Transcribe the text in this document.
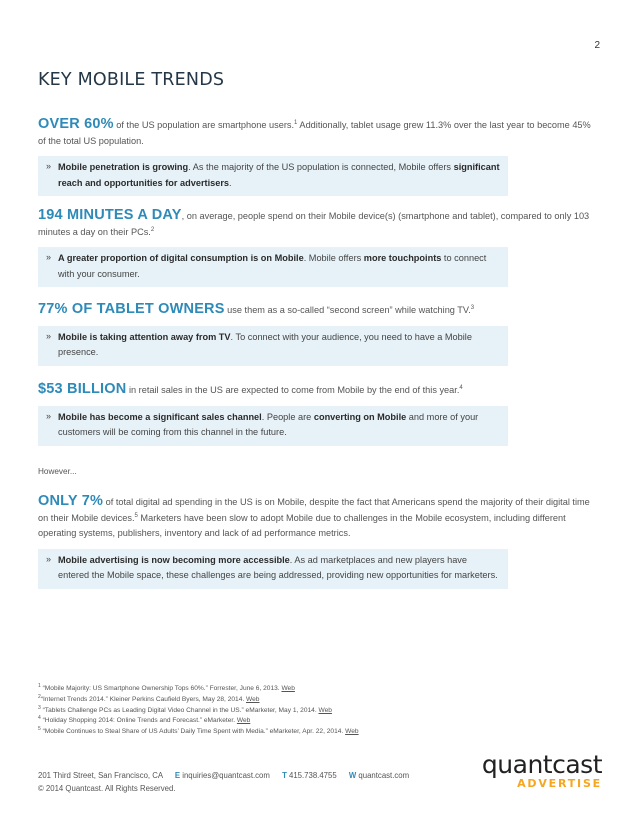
2
KEY MOBILE TRENDS

OVER 60% of the US population are smartphone users.$^1$ Additionally, tablet usage grew 11.3% over the last year to become 45% of the total US population.

» Mobile penetration is growing. As the majority of the US population is connected, Mobile offers significant reach and opportunities for advertisers.

194 MINUTES A DAY, on average, people spend on their Mobile device(s) (smartphone and tablet), compared to only 103 minutes a day on their PCs.$^2$

» A greater proportion of digital consumption is on Mobile. Mobile offers more touchpoints to connect with your consumer.

77% OF TABLET OWNERS use them as a so-called “second screen” while watching TV.$^3$

» Mobile is taking attention away from TV. To connect with your audience, you need to have a Mobile presence.

$53 BILLION in retail sales in the US are expected to come from Mobile by the end of this year.$^4$

» Mobile has become a significant sales channel. People are converting on Mobile and more of your customers will be coming from this channel in the future.
However...

ONLY 7% of total digital ad spending in the US is on Mobile, despite the fact that Americans spend the majority of their digital time on their Mobile devices.$^5$ Marketers have been slow to adopt Mobile due to challenges in the Mobile ecosystem, including different operating systems, publishers, inventory and lack of ad performance metrics.

» Mobile advertising is now becoming more accessible. As ad marketplaces and new players have entered the Mobile space, these challenges are being addressed, providing new opportunities for marketers.
$^1$ “Mobile Majority: US Smartphone Ownership Tops 60%.” Forrester, June 6, 2013. Web
$^2$“Internet Trends 2014.” Kleiner Perkins Caufield Byers, May 28, 2014. Web
$^3$ “Tablets Challenge PCs as Leading Digital Video Channel in the US.” eMarketer, May 1, 2014. Web
$^4$ “Holiday Shopping 2014: Online Trends and Forecast.” eMarketer. Web
$^5$ “Mobile Continues to Steal Share of US Adults’ Daily Time Spent with Media.” eMarketer, Apr. 22, 2014. Web
201 Third Street, San Francisco, CA E inquiries@quantcast.com T 415.738.4755 W quantcast.com
© 2014 Quantcast. All Rights Reserved.
quantcast
ADVERTISE
